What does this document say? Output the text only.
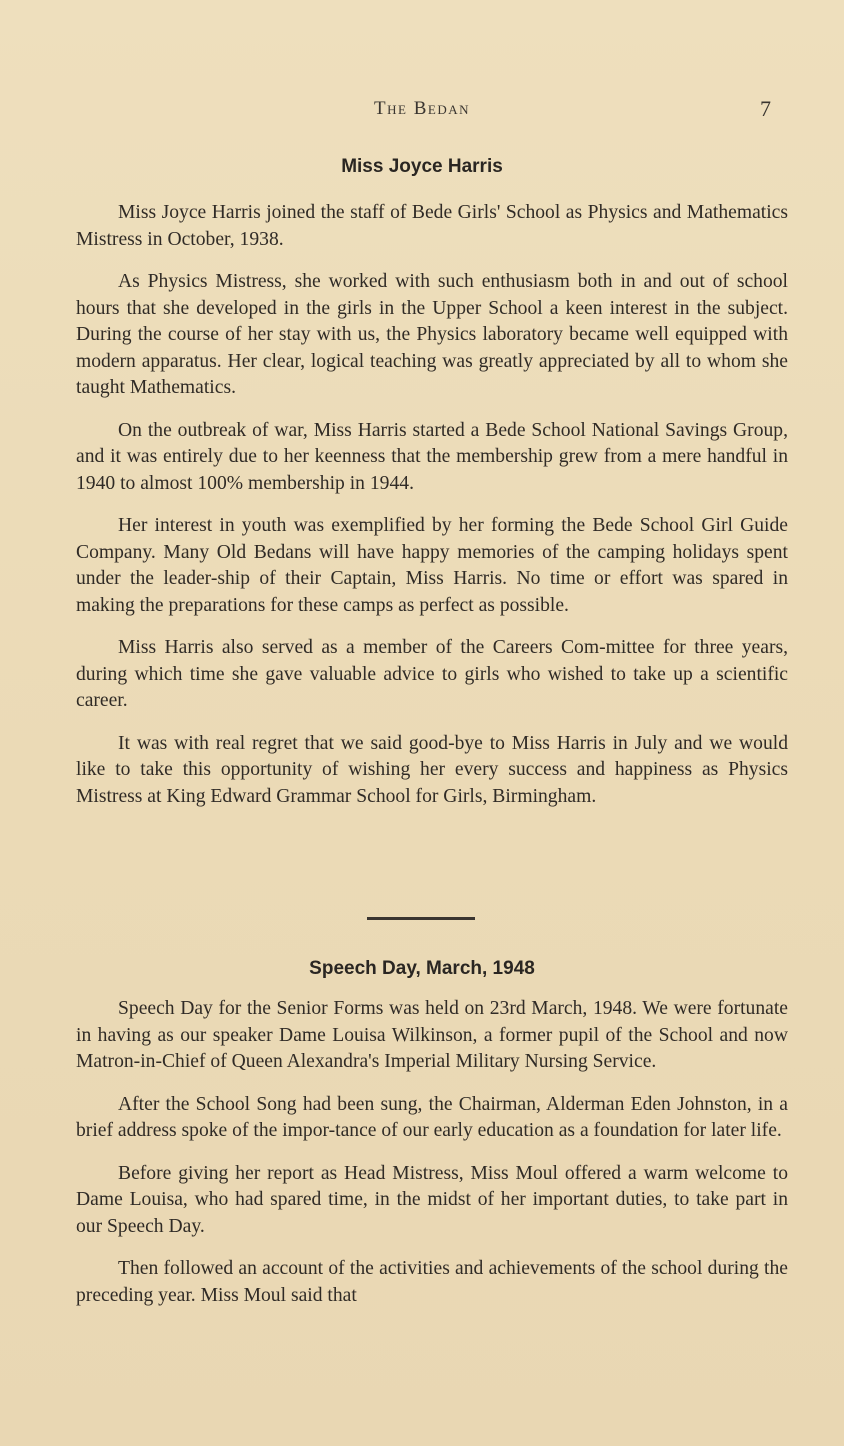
The Bedan	7
Miss Joyce Harris

Miss Joyce Harris joined the staff of Bede Girls' School as Physics and Mathematics Mistress in October, 1938.

As Physics Mistress, she worked with such enthusiasm both in and out of school hours that she developed in the girls in the Upper School a keen interest in the subject. During the course of her stay with us, the Physics laboratory became well equipped with modern apparatus. Her clear, logical teaching was greatly appreciated by all to whom she taught Mathematics.

On the outbreak of war, Miss Harris started a Bede School National Savings Group, and it was entirely due to her keenness that the membership grew from a mere handful in 1940 to almost 100% membership in 1944.

Her interest in youth was exemplified by her forming the Bede School Girl Guide Company. Many Old Bedans will have happy memories of the camping holidays spent under the leader-ship of their Captain, Miss Harris. No time or effort was spared in making the preparations for these camps as perfect as possible.

Miss Harris also served as a member of the Careers Com-mittee for three years, during which time she gave valuable advice to girls who wished to take up a scientific career.

It was with real regret that we said good-bye to Miss Harris in July and we would like to take this opportunity of wishing her every success and happiness as Physics Mistress at King Edward Grammar School for Girls, Birmingham.

Speech Day, March, 1948

Speech Day for the Senior Forms was held on 23rd March, 1948. We were fortunate in having as our speaker Dame Louisa Wilkinson, a former pupil of the School and now Matron-in-Chief of Queen Alexandra's Imperial Military Nursing Service.

After the School Song had been sung, the Chairman, Alderman Eden Johnston, in a brief address spoke of the impor-tance of our early education as a foundation for later life.

Before giving her report as Head Mistress, Miss Moul offered a warm welcome to Dame Louisa, who had spared time, in the midst of her important duties, to take part in our Speech Day.

Then followed an account of the activities and achievements of the school during the preceding year. Miss Moul said that
